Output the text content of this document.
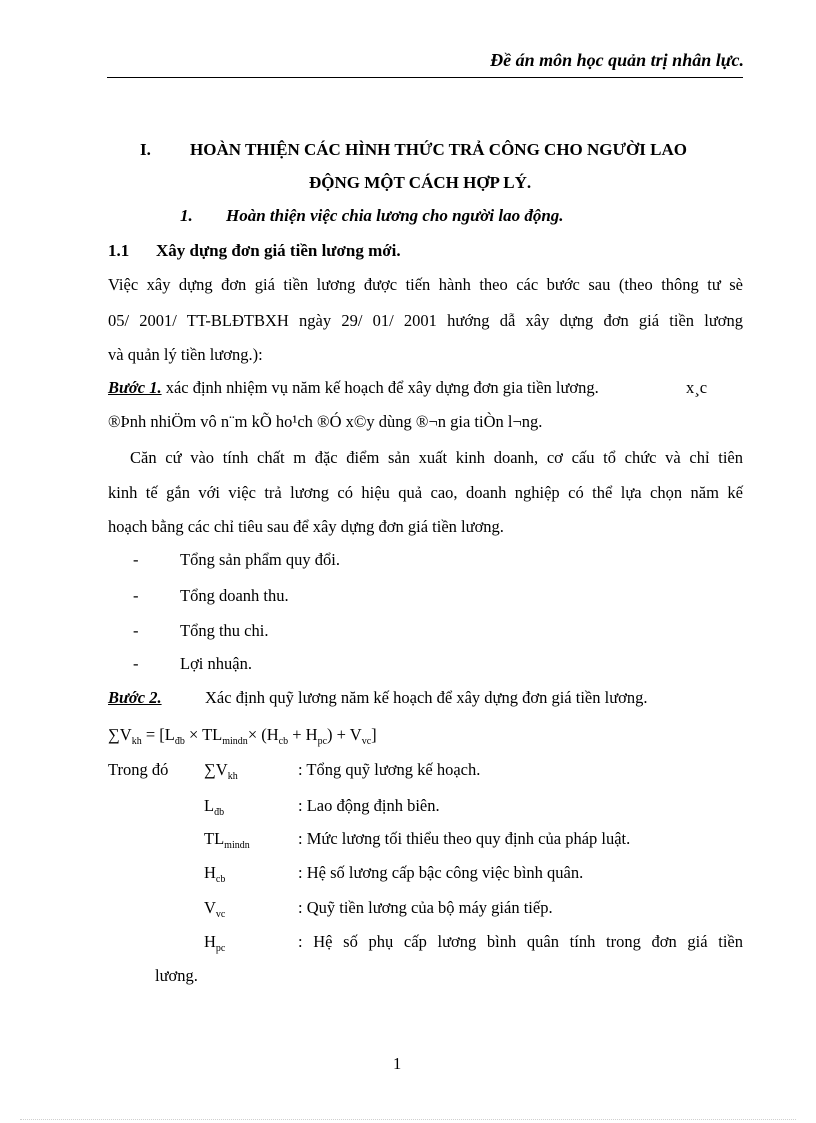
Đề án môn học quản trị nhân lực.
I. HOÀN THIỆN CÁC HÌNH THỨC TRẢ CÔNG CHO NGƯỜI LAO
ĐỘNG MỘT CÁCH HỢP LÝ.
1. Hoàn thiện việc chia lương cho người lao động.
1.1 Xây dựng đơn giá tiền lương mới.
Việc xây dựng đơn giá tiền lương được tiến hành theo các bước sau (theo thông tư sè
05/ 2001/ TT-BLĐTBXH ngày 29/ 01/ 2001 hướng dẫ xây dựng đơn giá tiền lương
và quản lý tiền lương.):
Bước 1. xác định nhiệm vụ năm kế hoạch để xây dựng đơn gia tiền lương.	x¸c
®Þnh nhiÖm vô n¨m kÕ ho¹ch ®Ó x©y dùng ®¬n gia tiÒn l¬ng.
Căn cứ vào tính chất m đặc điểm sản xuất kinh doanh, cơ cấu tổ chức và chỉ tiên
kinh tế gắn với việc trả lương có hiệu quả cao, doanh nghiệp có thể lựa chọn năm kế
hoạch bằng các chỉ tiêu sau để xây dựng đơn giá tiền lương.
-	Tổng sản phẩm quy đổi.
-	Tổng doanh thu.
-	Tổng thu chi.
-	Lợi nhuận.
Bước 2.	Xác định quỹ lương năm kế hoạch để xây dựng đơn giá tiền lương.
$\sum V_{kh} = [L_{đb} \times TL_{mindn}\times (H_{cb} + H_{pc}) + V_{vc}]$
Trong đó $\sum V_{kh}$	: Tổng quỹ lương kế hoạch.
$L_{đb}$	: Lao động định biên.
$TL_{mindn}$	: Mức lương tối thiểu theo quy định của pháp luật.
$H_{cb}$	: Hệ số lương cấp bậc công việc bình quân.
$V_{vc}$	: Quỹ tiền lương của bộ máy gián tiếp.
$H_{pc}$	: Hệ số phụ cấp lương bình quân tính trong đơn giá tiền
lương.
1
